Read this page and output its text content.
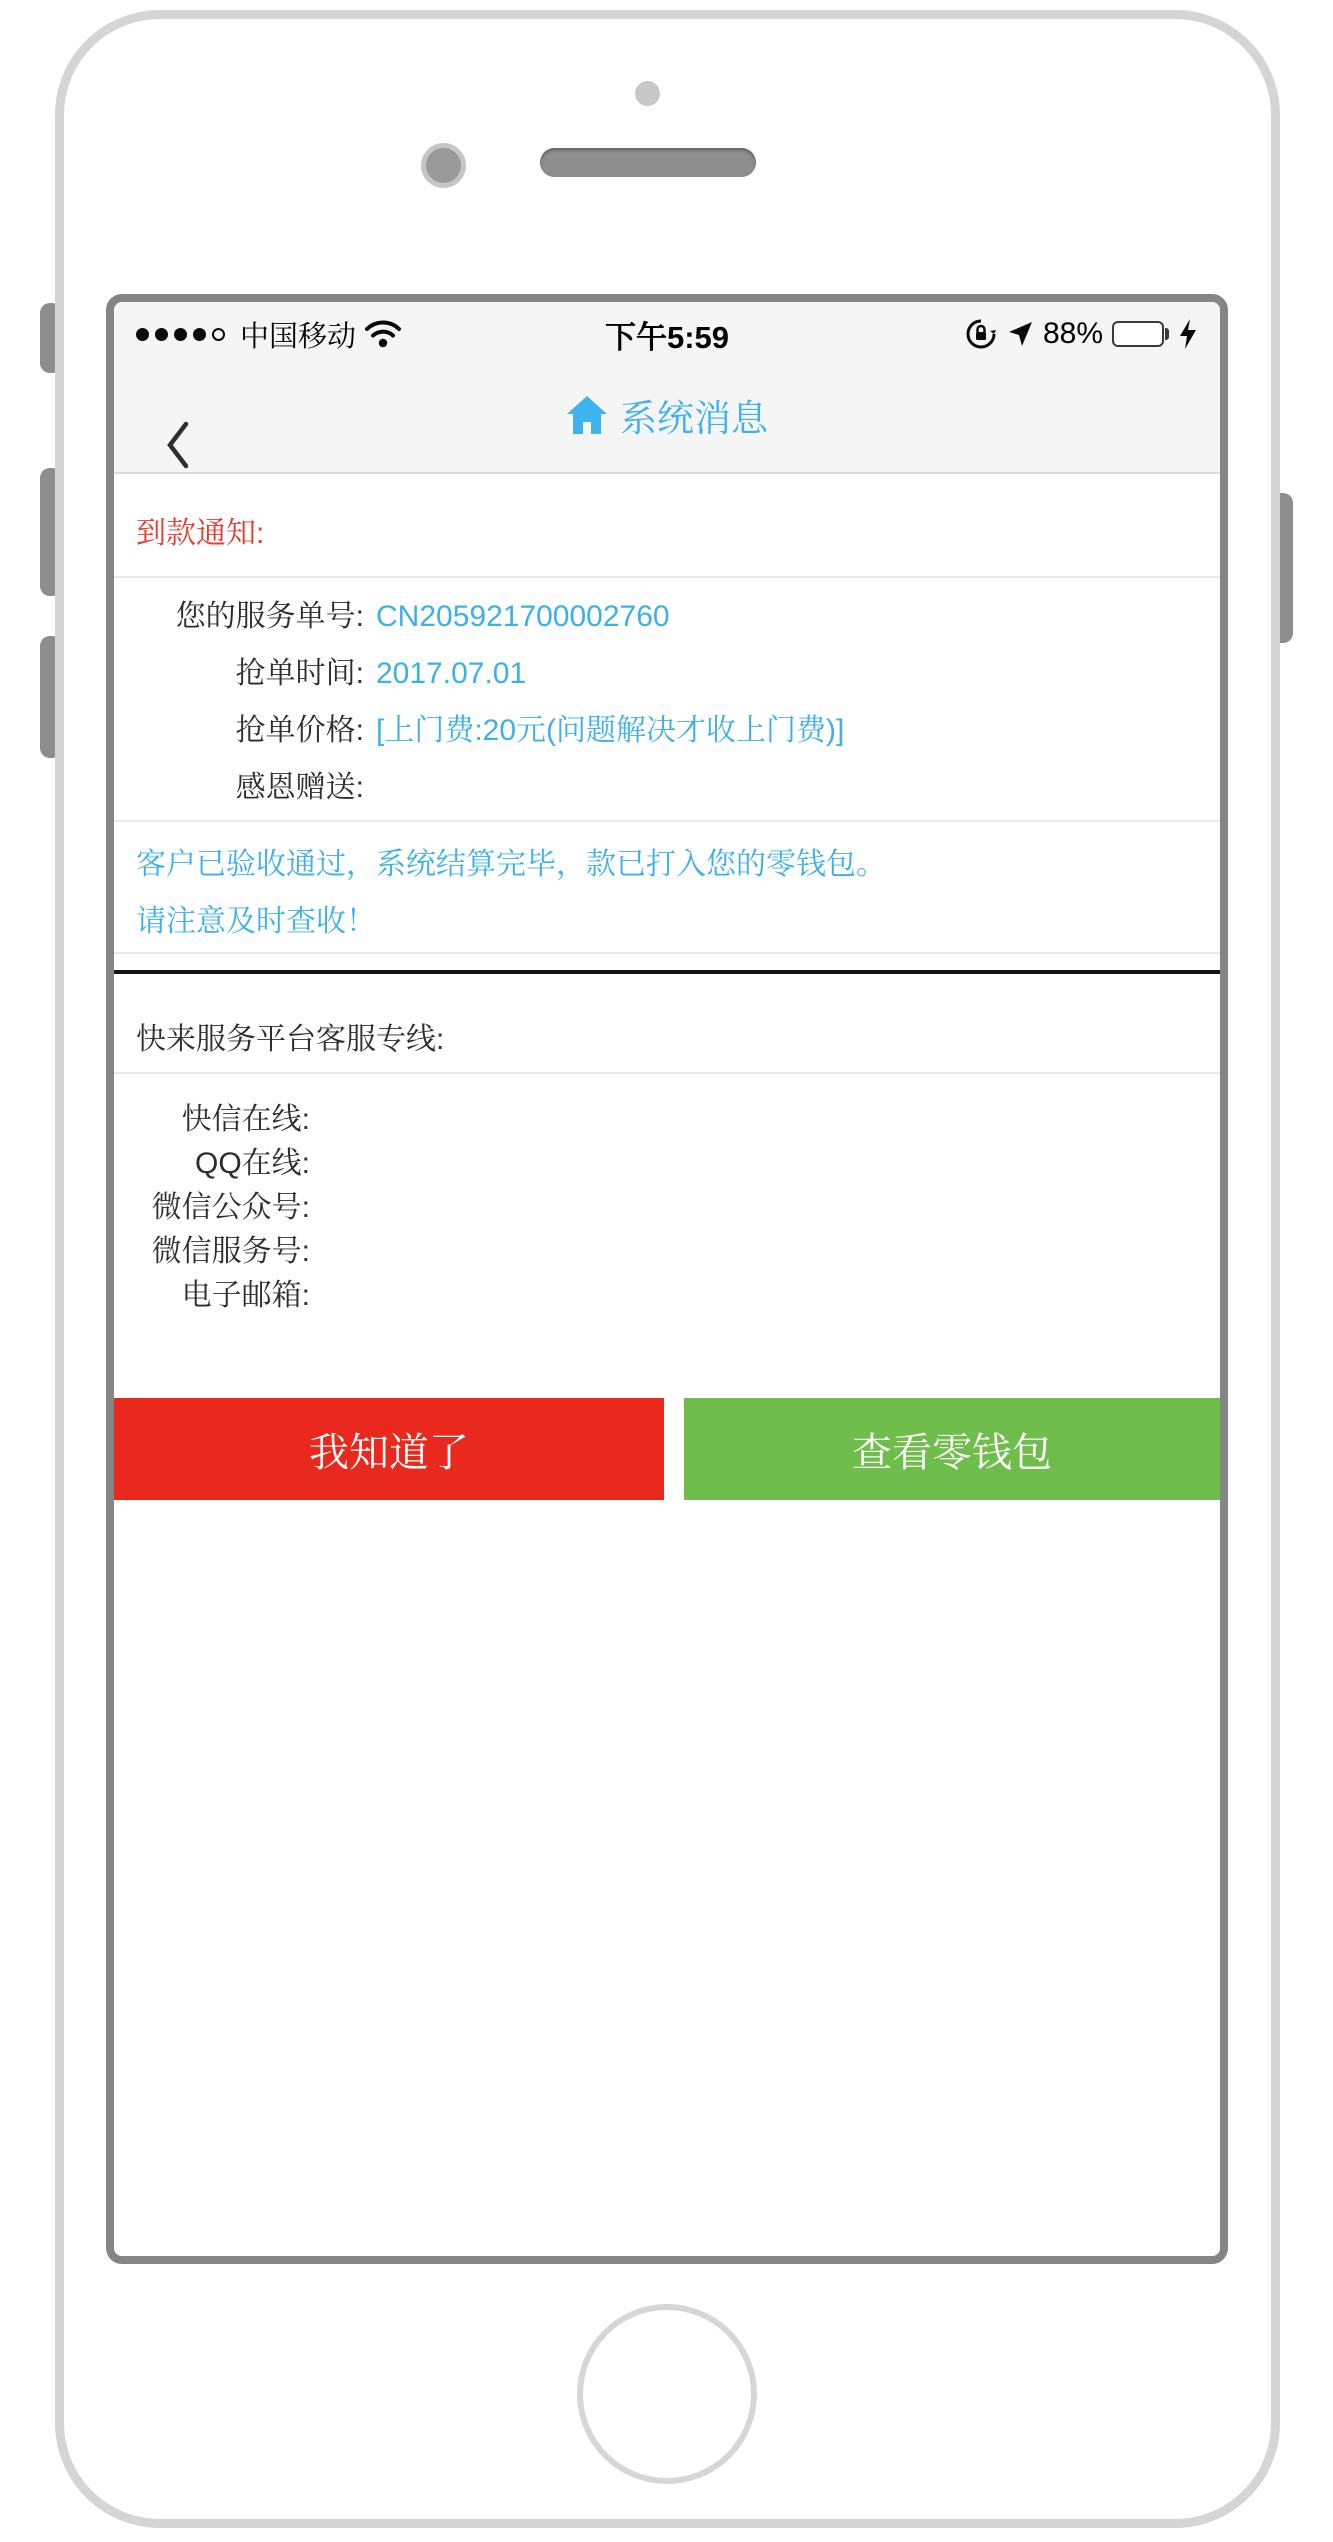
中国移动	下午5:59	88%
系统消息
到款通知:
您的服务单号: CN205921700002760
抢单时间: 2017.07.01
抢单价格: [上门费:20元(问题解决才收上门费)]
感恩赠送:
客户已验收通过，系统结算完毕，款已打入您的零钱包。
请注意及时查收！
快来服务平台客服专线:
快信在线:
QQ在线:
微信公众号:
微信服务号:
电子邮箱:
我知道了	查看零钱包
